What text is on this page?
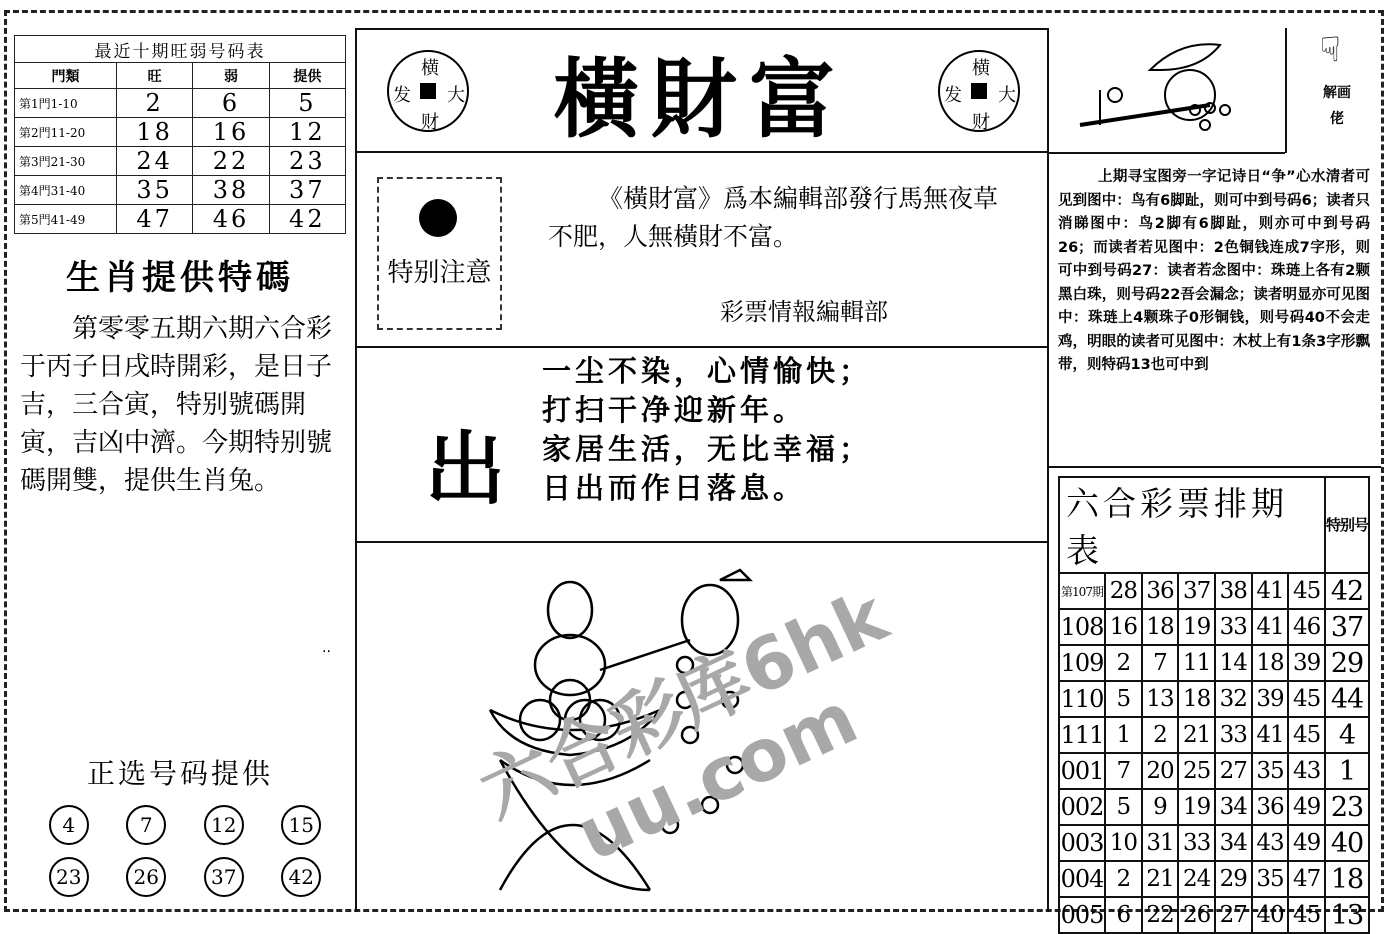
最近十期旺弱号码表			
門類	旺	弱	提供
第1門1-10	2	6	5
第2門11-20	18	16	12
第3門21-30	24	22	23
第4門31-40	35	38	37
第5門41-49	47	46	42
生肖提供特碼
第零零五期六期六合彩于丙子日戌時開彩，是日子吉，三合寅，特别號碼開寅，吉凶中濟。今期特别號碼開雙，提供生肖兔。
..
正选号码提供
4	7	12	15
23	26	37	42
横
发 大
财	橫財富	横
发 大
财
特别注意
《橫財富》爲本編輯部發行馬無夜草不肥，人無橫財不富。
彩票情報編輯部
出
一尘不染，心情愉快；
打扫干净迎新年。
家居生活，无比幸福；
日出而作日落息。
☟
解画佬
上期寻宝图旁一字记诗日“争”心水清者可见到图中：鸟有6脚趾，则可中到号码6；读者只消睇图中：鸟2脚有6脚趾，则亦可中到号码26；而读者若见图中：2色铜钱连成7字形，则可中到号码27：读者若念图中：珠琏上各有2颗黑白珠，则号码22吾会漏念；读者明显亦可见图中：珠琏上4颗珠子0形铜钱，则号码40不会走鸡，明眼的读者可见图中：木杖上有1条3字形飘带，则特码13也可中到
六合彩票排期表							特别号
第107期	28	36	37	38	41	45	42
108	16	18	19	33	41	46	37
109	2	7	11	14	18	39	29
110	5	13	18	32	39	45	44
111	1	2	21	33	41	45	4
001	7	20	25	27	35	43	1
002	5	9	19	34	36	49	23
003	10	31	33	34	43	49	40
004	2	21	24	29	35	47	18
005	6	22	26	27	40	45	13
六合彩库6hkuu.com
